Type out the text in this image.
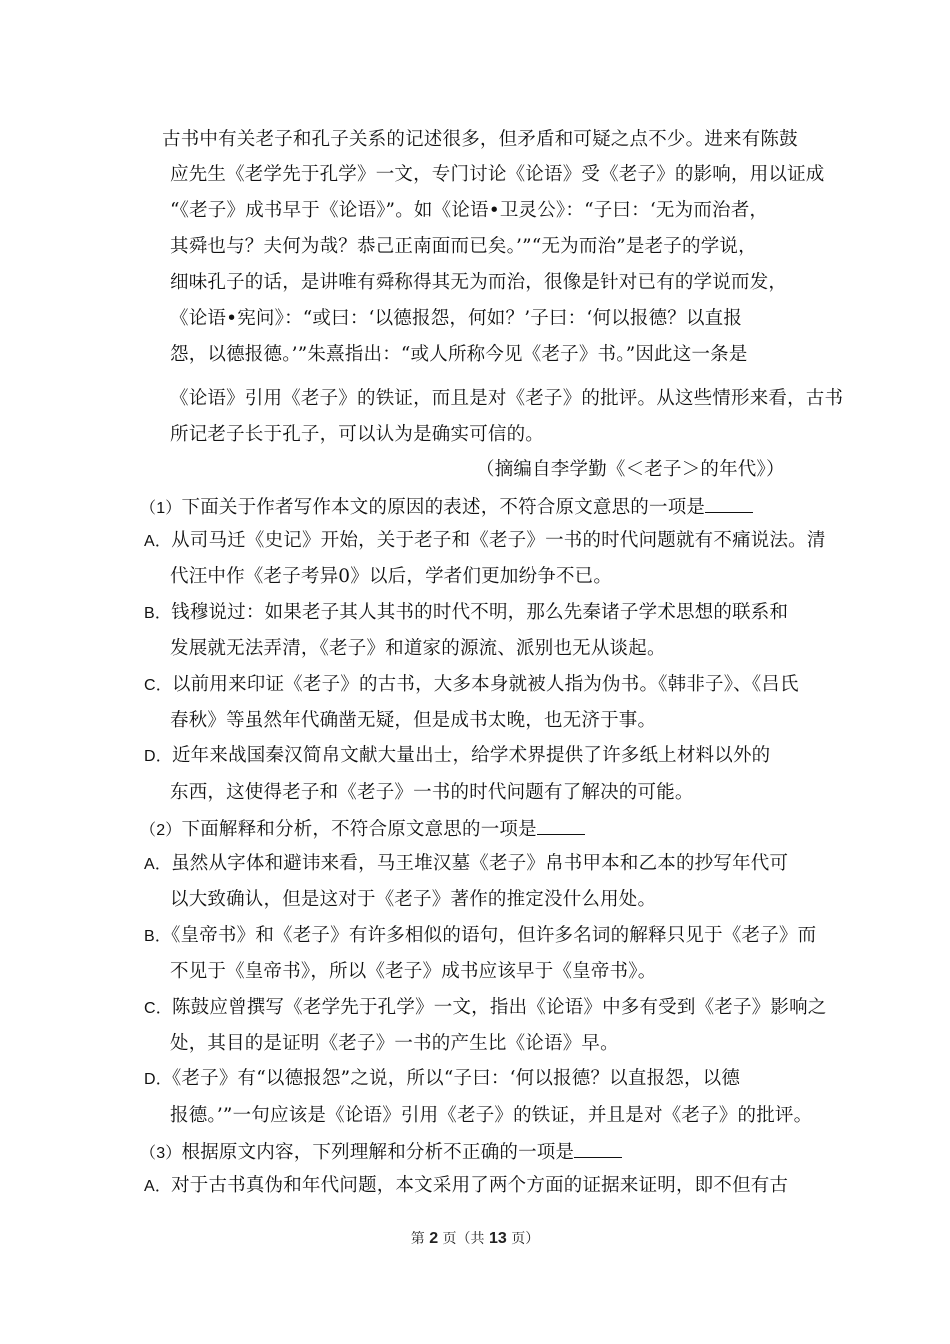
古书中有关老子和孔子关系的记述很多，但矛盾和可疑之点不少。进来有陈鼓
应先生《老学先于孔学》一文，专门讨论《论语》受《老子》的影响，用以证成
“《老子》成书早于《论语》”。如《论语•卫灵公》：“子曰：‘无为而治者，
其舜也与？夫何为哉？恭己正南面而已矣。’”“无为而治”是老子的学说，
细味孔子的话，是讲唯有舜称得其无为而治，很像是针对已有的学说而发，
《论语•宪问》：“或曰：‘以德报怨，何如？’子曰：‘何以报德？以直报
怨，以德报德。’”朱熹指出：“或人所称今见《老子》书。”因此这一条是
《论语》引用《老子》的铁证，而且是对《老子》的批评。从这些情形来看，古书
所记老子长于孔子，可以认为是确实可信的。
（摘编自李学勤《＜老子＞的年代》）
（1）下面关于作者写作本文的原因的表述，不符合原文意思的一项是
A．从司马迁《史记》开始，关于老子和《老子》一书的时代问题就有不痛说法。清
代汪中作《老子考异0》以后，学者们更加纷争不已。
B．钱穆说过：如果老子其人其书的时代不明，那么先秦诸子学术思想的联系和
发展就无法弄清，《老子》和道家的源流、派别也无从谈起。
C．以前用来印证《老子》的古书，大多本身就被人指为伪书。《韩非子》、《吕氏
春秋》等虽然年代确凿无疑，但是成书太晚，也无济于事。
D．近年来战国秦汉简帛文献大量出士，给学术界提供了许多纸上材料以外的
东西，这使得老子和《老子》一书的时代问题有了解决的可能。
（2）下面解释和分析，不符合原文意思的一项是
A．虽然从字体和避讳来看，马王堆汉墓《老子》帛书甲本和乙本的抄写年代可
以大致确认，但是这对于《老子》著作的推定没什么用处。
B．《皇帝书》和《老子》有许多相似的语句，但许多名词的解释只见于《老子》而
不见于《皇帝书》，所以《老子》成书应该早于《皇帝书》。
C．陈鼓应曾撰写《老学先于孔学》一文，指出《论语》中多有受到《老子》影响之
处，其目的是证明《老子》一书的产生比《论语》早。
D．《老子》有“以德报怨”之说，所以“子曰：‘何以报德？以直报怨，以德
报德。’”一句应该是《论语》引用《老子》的铁证，并且是对《老子》的批评。
（3）根据原文内容，下列理解和分析不正确的一项是
A．对于古书真伪和年代问题，本文采用了两个方面的证据来证明，即不但有古
第 2 页（共 13 页）
